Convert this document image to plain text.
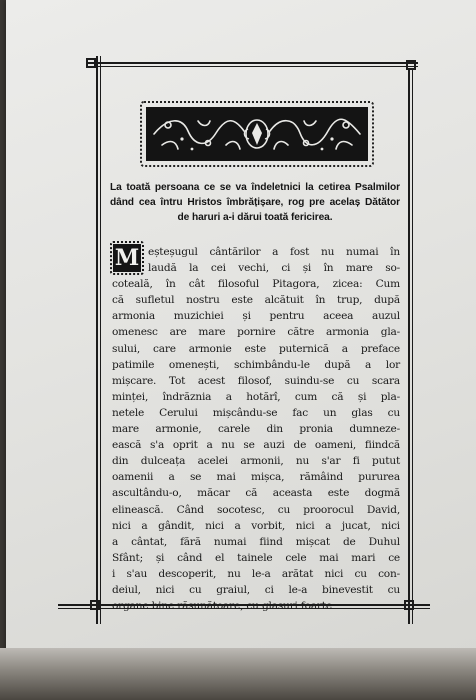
La toată persoana ce se va îndeletnici la cetirea Psalmilor
dând cea întru Hristos îmbrățișare, rog pre acelaș Dătător
de haruri a-i dărui toată fericirea.
M eșteșugul cântărilor a fost nu numai în
laudă la cei vechi, ci și în mare so-
coteală, în cât filosoful Pitagora, zicea: Cum
că sufletul nostru este alcătuit în trup, după
armonia muzichiei și pentru aceea auzul
omenesc are mare pornire către armonia gla-
sului, care armonie este puternică a preface
patimile omenești, schimbându-le după a lor
mișcare. Tot acest filosof, suindu-se cu scara
minței, îndrăznia a hotărî, cum că și pla-
netele Cerului mișcându-se fac un glas cu
mare armonie, carele din pronia dumneze-
ească s'a oprit a nu se auzi de oameni, fiindcă
din dulceața acelei armonii, nu s'ar fi putut
oamenii a se mai mișca, rămâind pururea
ascultându-o, măcar că aceasta este dogmă
elinească. Când socotesc, cu proorocul David,
nici a gândit, nici a vorbit, nici a jucat, nici
a cântat, fără numai fiind mișcat de Duhul
Sfânt; și când el tainele cele mai mari ce
i s'au descoperit, nu le-a arătat nici cu con-
deiul, nici cu graiul, ci le-a binevestit cu
organe bine răsunătoare, cu glasuri foarte
